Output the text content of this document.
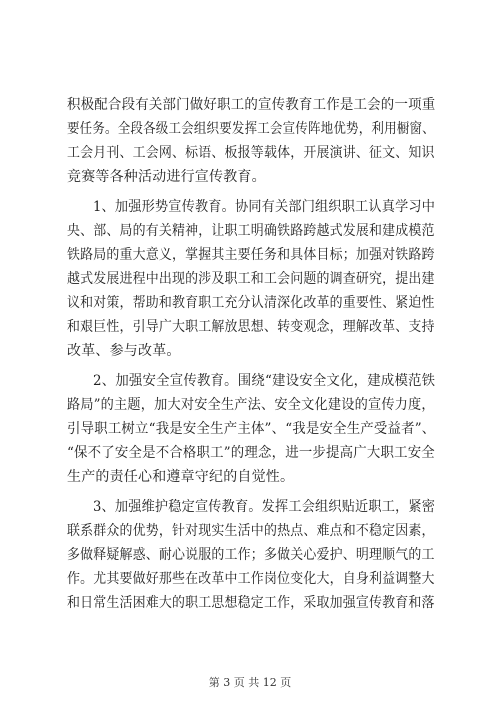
积极配合段有关部门做好职工的宣传教育工作是工会的一项重
要任务。全段各级工会组织要发挥工会宣传阵地优势，利用橱窗、
工会月刊、工会网、标语、板报等载体，开展演讲、征文、知识
竞赛等各种活动进行宣传教育。
1、加强形势宣传教育。协同有关部门组织职工认真学习中
央、部、局的有关精神，让职工明确铁路跨越式发展和建成模范
铁路局的重大意义，掌握其主要任务和具体目标；加强对铁路跨
越式发展进程中出现的涉及职工和工会问题的调查研究，提出建
议和对策，帮助和教育职工充分认清深化改革的重要性、紧迫性
和艰巨性，引导广大职工解放思想、转变观念，理解改革、支持
改革、参与改革。
2、加强安全宣传教育。围绕“建设安全文化，建成模范铁
路局”的主题，加大对安全生产法、安全文化建设的宣传力度，
引导职工树立“我是安全生产主体”、“我是安全生产受益者”、
“保不了安全是不合格职工”的理念，进一步提高广大职工安全
生产的责任心和遵章守纪的自觉性。
3、加强维护稳定宣传教育。发挥工会组织贴近职工，紧密
联系群众的优势，针对现实生活中的热点、难点和不稳定因素，
多做释疑解惑、耐心说服的工作；多做关心爱护、明理顺气的工
作。尤其要做好那些在改革中工作岗位变化大，自身利益调整大
和日常生活困难大的职工思想稳定工作，采取加强宣传教育和落
第 3 页 共 12 页
